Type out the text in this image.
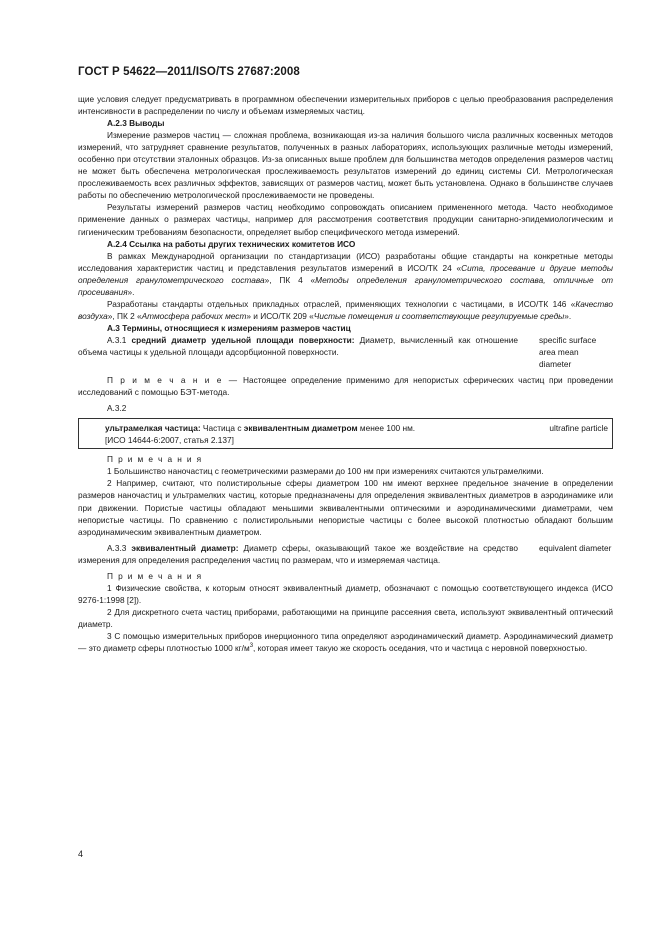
ГОСТ Р 54622—2011/ISO/TS 27687:2008

щие условия следует предусматривать в программном обеспечении измерительных приборов с целью преобразования распределения интенсивности в распределении по числу и объемам измеряемых частиц.

А.2.3 Выводы

Измерение размеров частиц — сложная проблема, возникающая из-за наличия большого числа различных косвенных методов измерений, что затрудняет сравнение результатов, полученных в разных лабораториях, использующих различные методы измерений, особенно при отсутствии эталонных образцов. Из-за описанных выше проблем для большинства методов определения размеров частиц не может быть обеспечена метрологическая прослеживаемость результатов измерений до единиц системы СИ. Метрологическая прослеживаемость всех различных эффектов, зависящих от размеров частиц, может быть установлена. Однако в большинстве случаев работы по обеспечению метрологической прослеживаемости не проведены.

Результаты измерений размеров частиц необходимо сопровождать описанием примененного метода. Часто необходимое применение данных о размерах частицы, например для рассмотрения соответствия продукции санитарно-эпидемиологическим и гигиеническим требованиям безопасности, определяет выбор специфического метода измерений.

А.2.4 Ссылка на работы других технических комитетов ИСО

В рамках Международной организации по стандартизации (ИСО) разработаны общие стандарты на конкретные методы исследования характеристик частиц и представления результатов измерений в ИСО/ТК 24 «Сита, просевание и другие методы определения гранулометрического состава», ПК 4 «Методы определения гранулометрического состава, отличные от просеивания».

Разработаны стандарты отдельных прикладных отраслей, применяющих технологии с частицами, в ИСО/ТК 146 «Качество воздуха», ПК 2 «Атмосфера рабочих мест» и ИСО/ТК 209 «Чистые помещения и соответствующие регулируемые среды».

А.3 Термины, относящиеся к измерениям размеров частиц

А.3.1 средний диаметр удельной площади поверхности: Диаметр, вычисленный как отношение объема частицы к удельной площади адсорбционной поверхности.

specific surface area mean diameter

П р и м е ч а н и е — Настоящее определение применимо для непористых сферических частиц при проведении исследований с помощью БЭТ-метода.

А.3.2

ультрамелкая частица: Частица с эквивалентным диаметром менее 100 нм.
[ИСО 14644-6:2007, статья 2.137]
ultrafine particle

П р и м е ч а н и я

1 Большинство наночастиц с геометрическими размерами до 100 нм при измерениях считаются ультрамелкими.

2 Например, считают, что полистирольные сферы диаметром 100 нм имеют верхнее предельное значение в определении размеров наночастиц и ультрамелких частиц, которые предназначены для определения эквивалентных диаметров в аэродинамике или при движении. Пористые частицы обладают меньшими эквивалентными оптическими и аэродинамическими диаметрами, чем непористые частицы. По сравнению с полистирольными непористые частицы с более высокой плотностью обладают большим аэродинамическим эквивалентным диаметром.

А.3.3 эквивалентный диаметр: Диаметр сферы, оказывающий такое же воздействие на средство измерения для определения распределения частиц по размерам, что и измеряемая частица.

equivalent diameter

П р и м е ч а н и я

1 Физические свойства, к которым относят эквивалентный диаметр, обозначают с помощью соответствующего индекса (ИСО 9276-1:1998 [2]).

2 Для дискретного счета частиц приборами, работающими на принципе рассеяния света, используют эквивалентный оптический диаметр.

3 С помощью измерительных приборов инерционного типа определяют аэродинамический диаметр. Аэродинамический диаметр — это диаметр сферы плотностью 1000 $кг/м^3$, которая имеет такую же скорость оседания, что и частица с неровной поверхностью.

4
